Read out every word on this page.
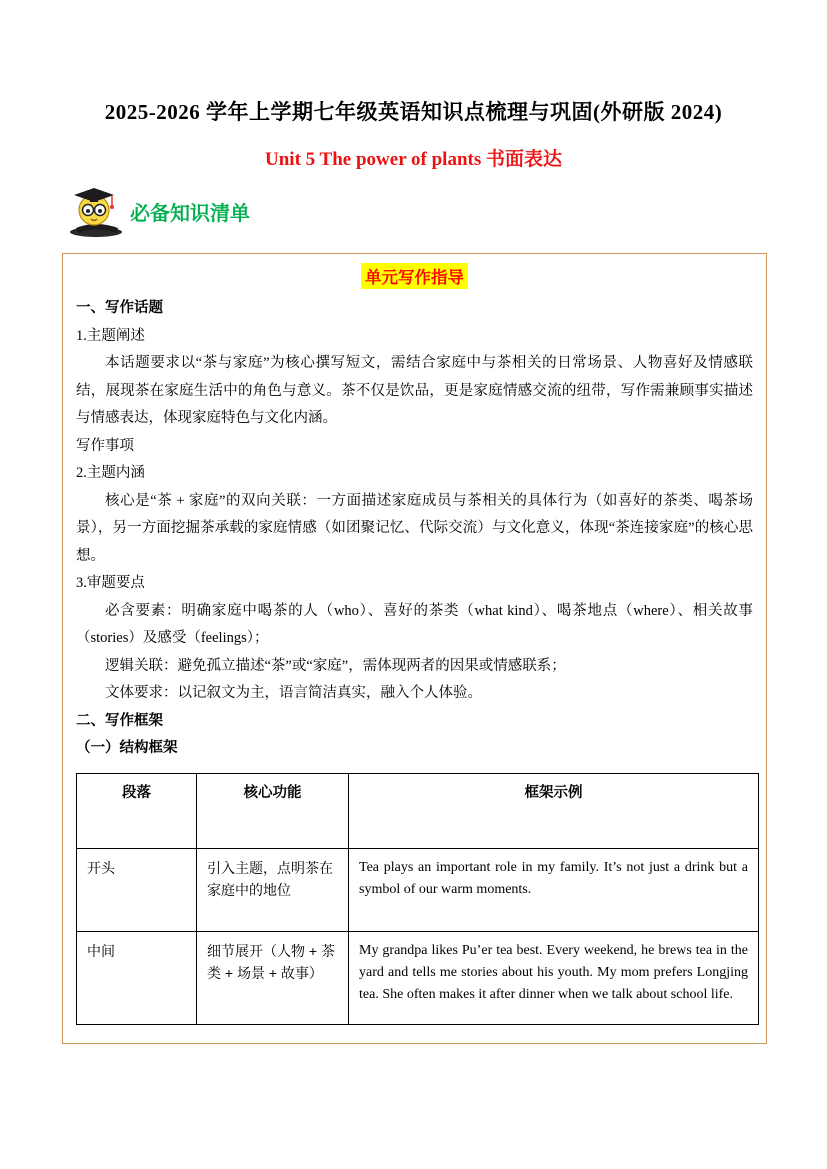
2025-2026 学年上学期七年级英语知识点梳理与巩固(外研版 2024)
Unit 5 The power of plants 书面表达
必备知识清单
单元写作指导

一、写作话题

1.主题阐述

本话题要求以“茶与家庭”为核心撰写短文，需结合家庭中与茶相关的日常场景、人物喜好及情感联结，展现茶在家庭生活中的角色与意义。茶不仅是饮品，更是家庭情感交流的纽带，写作需兼顾事实描述与情感表达，体现家庭特色与文化内涵。

写作事项

2.主题内涵

核心是“茶 + 家庭”的双向关联：一方面描述家庭成员与茶相关的具体行为（如喜好的茶类、喝茶场景），另一方面挖掘茶承载的家庭情感（如团聚记忆、代际交流）与文化意义，体现“茶连接家庭”的核心思想。

3.审题要点

必含要素：明确家庭中喝茶的人（who）、喜好的茶类（what kind）、喝茶地点（where）、相关故事（stories）及感受（feelings）；

逻辑关联：避免孤立描述“茶”或“家庭”，需体现两者的因果或情感联系；

文体要求：以记叙文为主，语言简洁真实，融入个人体验。

二、写作框架

（一）结构框架

段落	核心功能	框架示例
开头	引入主题，点明茶在家庭中的地位	Tea plays an important role in my family. It’s not just a drink but a symbol of our warm moments.
中间	细节展开（人物 + 茶类 + 场景 + 故事）	My grandpa likes Pu’er tea best. Every weekend, he brews tea in the yard and tells me stories about his youth. My mom prefers Longjing tea. She often makes it after dinner when we talk about school life.
